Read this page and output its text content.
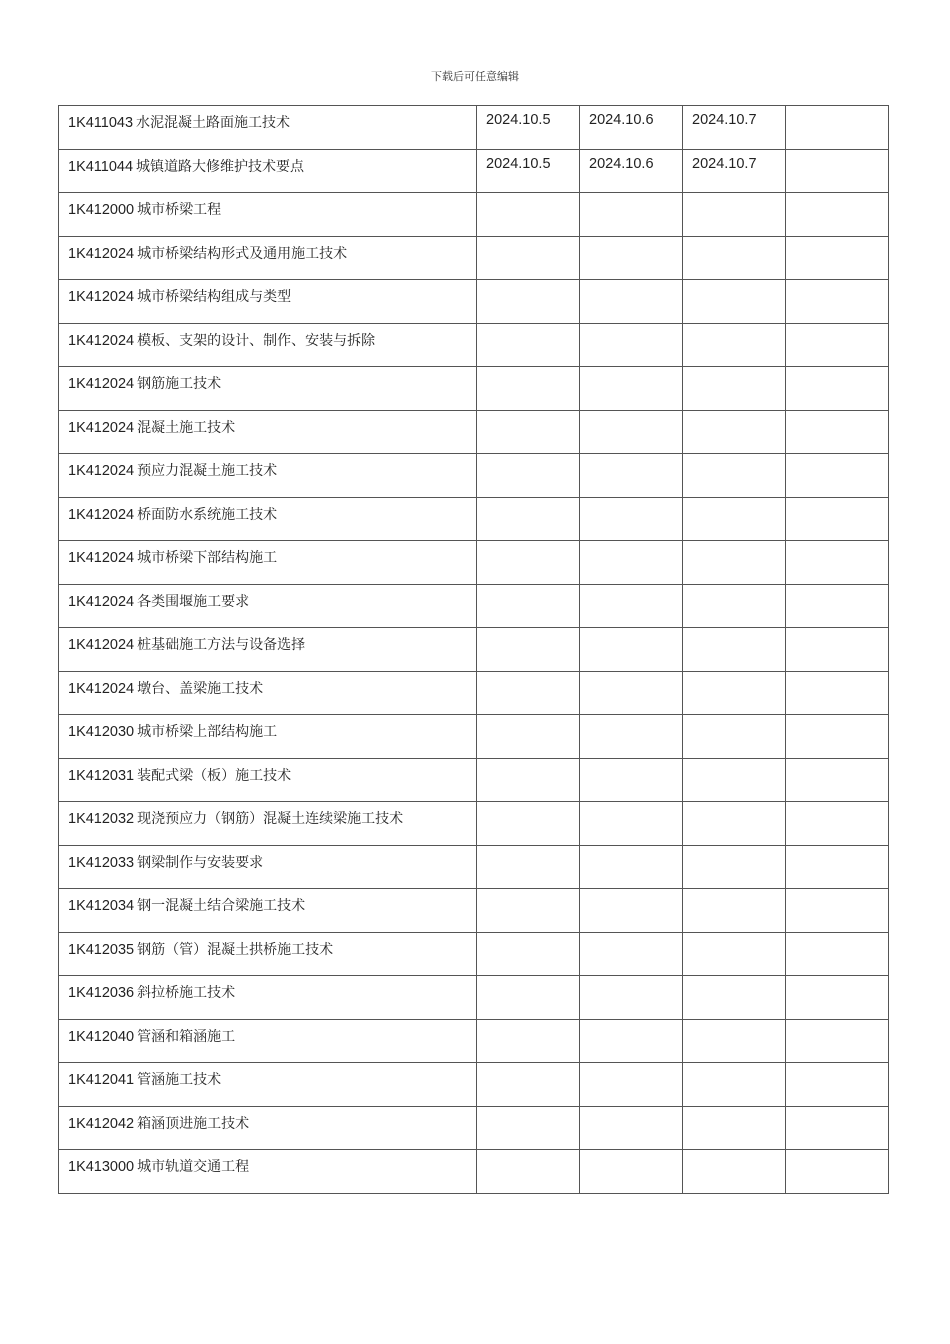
下载后可任意编辑
1K411043 水泥混凝土路面施工技术	2024.10.5	2024.10.6	2024.10.7	
1K411044 城镇道路大修维护技术要点	2024.10.5	2024.10.6	2024.10.7	
1K412000 城市桥梁工程				
1K412024 城市桥梁结构形式及通用施工技术				
1K412024 城市桥梁结构组成与类型				
1K412024 模板、支架的设计、制作、安装与拆除				
1K412024 钢筋施工技术				
1K412024 混凝土施工技术				
1K412024 预应力混凝土施工技术				
1K412024 桥面防水系统施工技术				
1K412024 城市桥梁下部结构施工				
1K412024 各类围堰施工要求				
1K412024 桩基础施工方法与设备选择				
1K412024 墩台、盖梁施工技术				
1K412030 城市桥梁上部结构施工				
1K412031 装配式梁（板）施工技术				
1K412032 现浇预应力（钢筋）混凝土连续梁施工技术				
1K412033 钢梁制作与安装要求				
1K412034 钢一混凝土结合梁施工技术				
1K412035 钢筋（管）混凝土拱桥施工技术				
1K412036 斜拉桥施工技术				
1K412040 管涵和箱涵施工				
1K412041 管涵施工技术				
1K412042 箱涵顶进施工技术				
1K413000 城市轨道交通工程				
